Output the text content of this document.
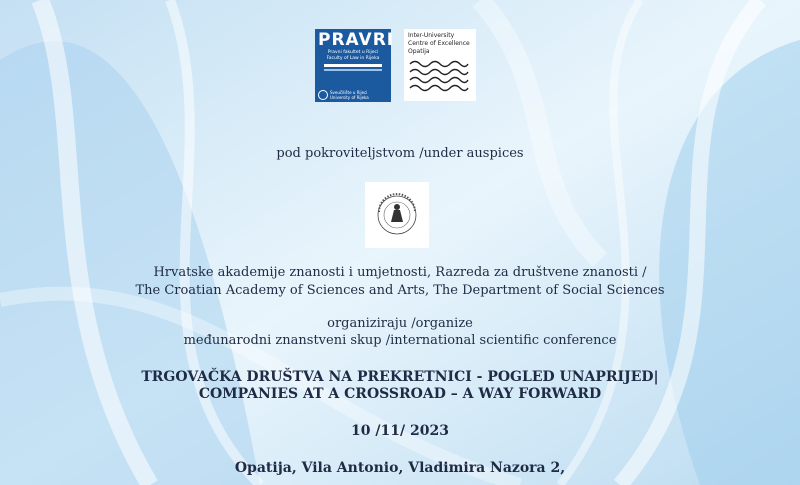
PRAVRI
Pravni fakultet u Rijeci
Faculty of Law in Rijeka
Sveučilište u Rijeci
University of Rijeka
Inter-University
Centre of Excellence
Opatija
pod pokroviteljstvom /under auspices
Hrvatske akademije znanosti i umjetnosti, Razreda za društvene znanosti /
The Croatian Academy of Sciences and Arts, The Department of Social Sciences
organiziraju /organize
međunarodni znanstveni skup /international scientific conference
TRGOVAČKA DRUŠTVA NA PREKRETNICI - POGLED UNAPRIJED|
COMPANIES AT A CROSSROAD – A WAY FORWARD
10 /11/ 2023
Opatija, Vila Antonio, Vladimira Nazora 2,
